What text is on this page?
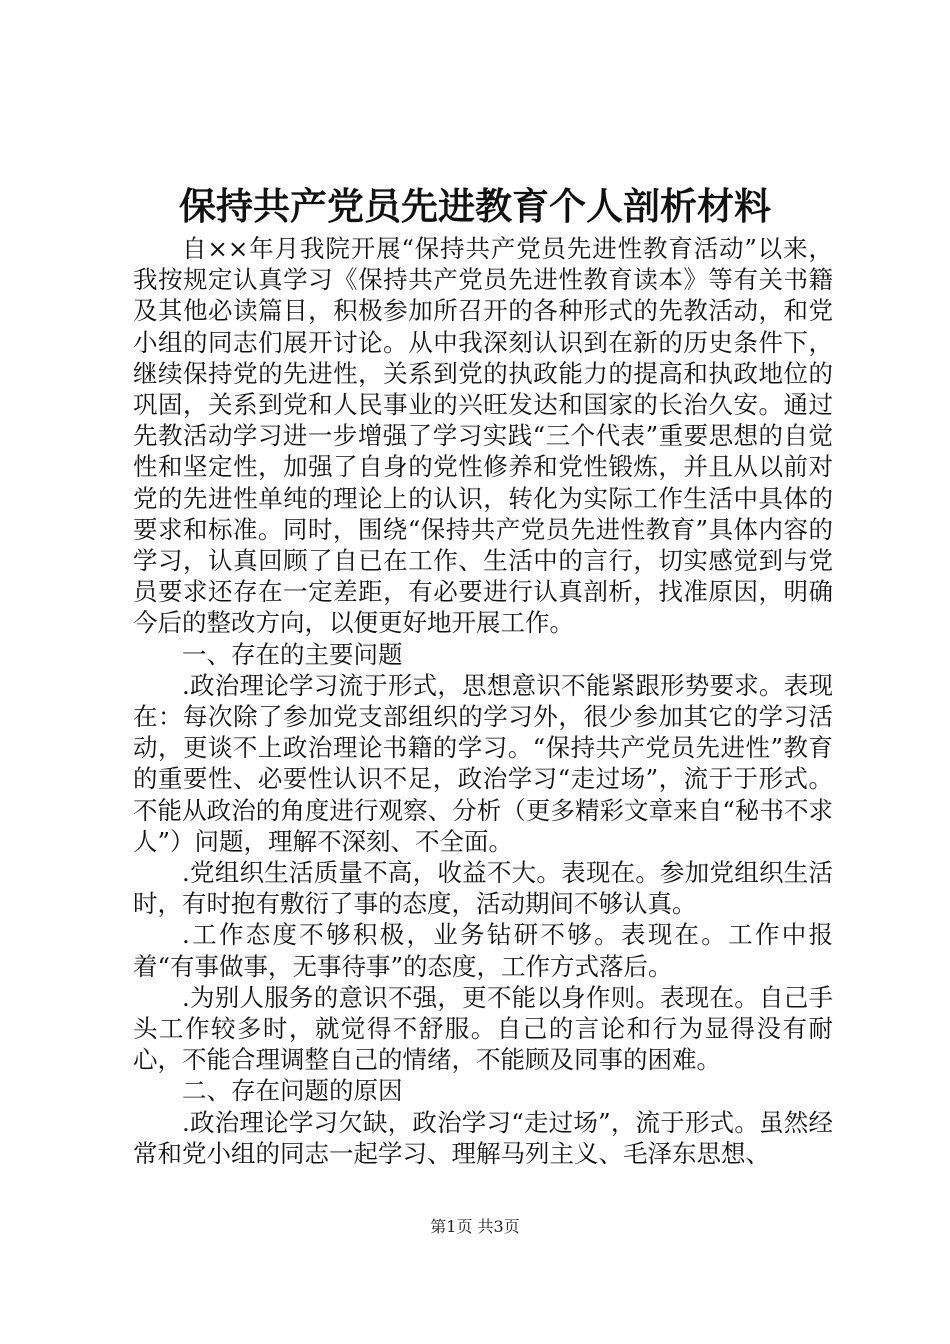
保持共产党员先进教育个人剖析材料

自××年月我院开展“保持共产党员先进性教育活动”以来，我按规定认真学习《保持共产党员先进性教育读本》等有关书籍及其他必读篇目，积极参加所召开的各种形式的先教活动，和党小组的同志们展开讨论。从中我深刻认识到在新的历史条件下，继续保持党的先进性，关系到党的执政能力的提高和执政地位的巩固，关系到党和人民事业的兴旺发达和国家的长治久安。通过先教活动学习进一步增强了学习实践“三个代表”重要思想的自觉性和坚定性，加强了自身的党性修养和党性锻炼，并且从以前对党的先进性单纯的理论上的认识，转化为实际工作生活中具体的要求和标准。同时，围绕“保持共产党员先进性教育”具体内容的学习，认真回顾了自已在工作、生活中的言行，切实感觉到与党员要求还存在一定差距，有必要进行认真剖析，找准原因，明确今后的整改方向，以便更好地开展工作。

一、存在的主要问题

.政治理论学习流于形式，思想意识不能紧跟形势要求。表现在：每次除了参加党支部组织的学习外，很少参加其它的学习活动，更谈不上政治理论书籍的学习。“保持共产党员先进性”教育的重要性、必要性认识不足，政治学习“走过场”，流于于形式。不能从政治的角度进行观察、分析（更多精彩文章来自“秘书不求人”）问题，理解不深刻、不全面。

.党组织生活质量不高，收益不大。表现在。参加党组织生活时，有时抱有敷衍了事的态度，活动期间不够认真。

.工作态度不够积极，业务钻研不够。表现在。工作中报着“有事做事，无事待事”的态度，工作方式落后。

.为别人服务的意识不强，更不能以身作则。表现在。自己手头工作较多时，就觉得不舒服。自己的言论和行为显得没有耐心，不能合理调整自己的情绪，不能顾及同事的困难。

二、存在问题的原因

.政治理论学习欠缺，政治学习“走过场”，流于形式。虽然经常和党小组的同志一起学习、理解马列主义、毛泽东思想、

第1页 共3页
